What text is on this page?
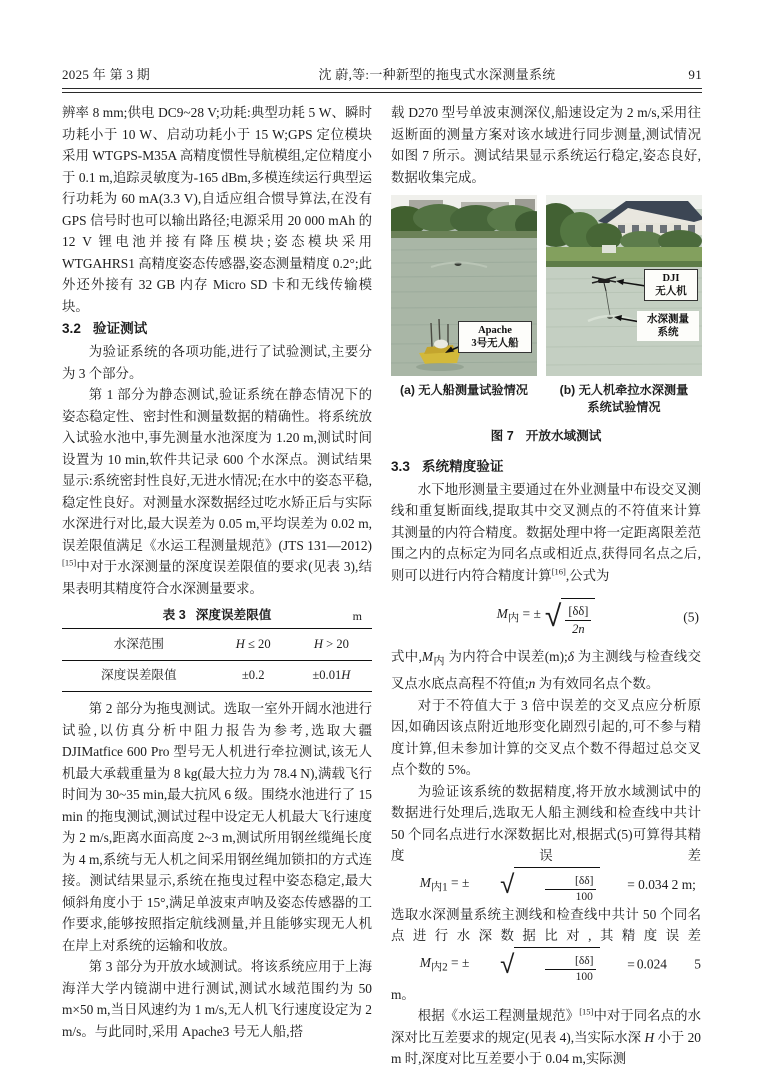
2025 年 第 3 期	沈 蔚,等:一种新型的拖曳式水深测量系统	91

辨率 8 mm;供电 DC9~28 V;功耗:典型功耗 5 W、瞬时功耗小于 10 W、启动功耗小于 15 W;GPS 定位模块采用 WTGPS-M35A 高精度惯性导航模组,定位精度小于 0.1 m,追踪灵敏度为-165 dBm,多模连续运行典型运行功耗为 60 mA(3.3 V),自适应组合惯导算法,在没有 GPS 信号时也可以输出路径;电源采用 20 000 mAh 的 12 V 锂电池并接有降压模块;姿态模块采用 WTGAHRS1 高精度姿态传感器,姿态测量精度 0.2°;此外还外接有 32 GB 内存 Micro SD 卡和无线传输模块。

3.2 验证测试

为验证系统的各项功能,进行了试验测试,主要分为 3 个部分。

第 1 部分为静态测试,验证系统在静态情况下的姿态稳定性、密封性和测量数据的精确性。将系统放入试验水池中,事先测量水池深度为 1.20 m,测试时间设置为 10 min,软件共记录 600 个水深点。测试结果显示:系统密封性良好,无进水情况;在水中的姿态平稳,稳定性良好。对测量水深数据经过吃水矫正后与实际水深进行对比,最大误差为 0.05 m,平均误差为 0.02 m,误差限值满足《水运工程测量规范》(JTS 131—2012)[15]中对于水深测量的深度误差限值的要求(见表 3),结果表明其精度符合水深测量要求。

表 3 深度误差限值	m
水深范围	H ≤ 20	H > 20
深度误差限值	±0.2	±0.01H

第 2 部分为拖曳测试。选取一室外开阔水池进行试验,以仿真分析中阻力报告为参考,选取大疆 DJIMatfice 600 Pro 型号无人机进行牵拉测试,该无人机最大承载重量为 8 kg(最大拉力为 78.4 N),满载飞行时间为 30~35 min,最大抗风 6 级。围绕水池进行了 15 min 的拖曳测试,测试过程中设定无人机最大飞行速度为 2 m/s,距离水面高度 2~3 m,测试所用钢丝缆绳长度为 4 m,系统与无人机之间采用钢丝绳加锁扣的方式连接。测试结果显示,系统在拖曳过程中姿态稳定,最大倾斜角度小于 15°,满足单波束声呐及姿态传感器的工作要求,能够按照指定航线测量,并且能够实现无人机在岸上对系统的运输和收放。

第 3 部分为开放水域测试。将该系统应用于上海海洋大学内镜湖中进行测试,测试水域范围约为 50 m×50 m,当日风速约为 1 m/s,无人机飞行速度设定为 2 m/s。与此同时,采用 Apache3 号无人船,搭

载 D270 型号单波束测深仪,船速设定为 2 m/s,采用往返断面的测量方案对该水域进行同步测量,测试情况如图 7 所示。测试结果显示系统运行稳定,姿态良好,数据收集完成。

Apache
3号无人船
(a) 无人船测量试验情况
DJI
无人机
水深测量
系统
(b) 无人机牵拉水深测量
系统试验情况
图 7 开放水域测试
3.3 系统精度验证

水下地形测量主要通过在外业测量中布设交叉测线和重复断面线,提取其中交叉测点的不符值来计算其测量的内符合精度。数据处理中将一定距离限差范围之内的点标定为同名点或相近点,获得同名点之后,则可以进行内符合精度计算[16],公式为

$M_内$ = ± √ $\frac{[\delta\delta]}{2n}$	(5)

式中$,M_内$ 为内符合中误差(m);δ 为主测线与检查线交叉点水底点高程不符值;n 为有效同名点个数。

对于不符值大于 3 倍中误差的交叉点应分析原因,如确因该点附近地形变化剧烈引起的,可不参与精度计算,但未参加计算的交叉点个数不得超过总交叉点个数的 5%。

为验证该系统的数据精度,将开放水域测试中的数据进行处理后,选取无人船主测线和检查线中共计 50 个同名点进行水深数据比对,根据式(5)可算得其精度误差
$M_{内1}$ = ±	√	$\frac{[\delta\delta]}{100}$	= 0.034 2 m;
选取水深测量系统主测线和检查线中共计 50 个同名点进行水深数据比对,其精度误差
$M_{内2}$ = ±	√	$\frac{[\delta\delta]}{100}$	= 0.024 5 m。

根据《水运工程测量规范》[15]中对于同名点的水深对比互差要求的规定(见表 4),当实际水深 H 小于 20 m 时,深度对比互差要小于 0.04 m,实际测
